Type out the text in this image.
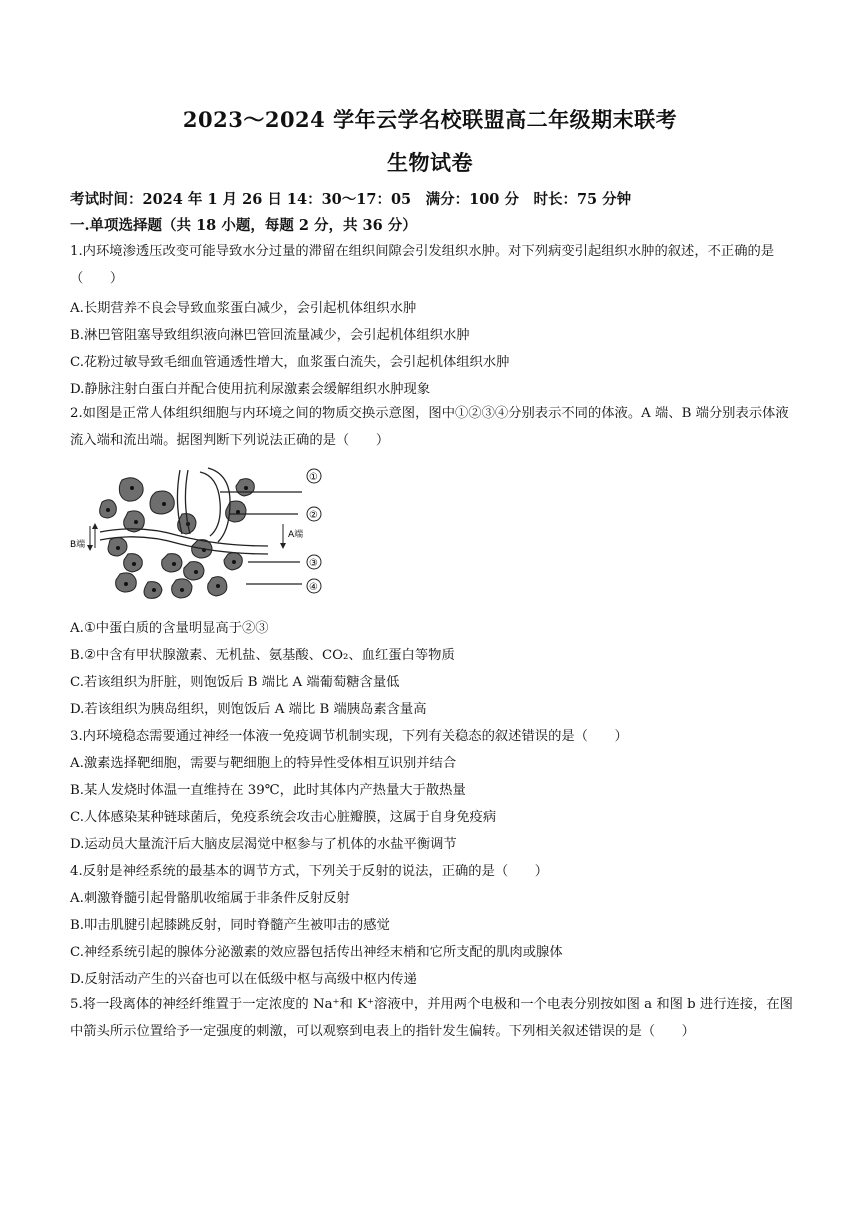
2023～2024 学年云学名校联盟高二年级期末联考
生物试卷
考试时间：2024 年 1 月 26 日 14：30～17：05　满分：100 分　时长：75 分钟
一.单项选择题（共 18 小题，每题 2 分，共 36 分）
1.内环境渗透压改变可能导致水分过量的滞留在组织间隙会引发组织水肿。对下列病变引起组织水肿的叙述，不正确的是（　　）
A.长期营养不良会导致血浆蛋白减少，会引起机体组织水肿
B.淋巴管阻塞导致组织液向淋巴管回流量减少，会引起机体组织水肿
C.花粉过敏导致毛细血管通透性增大，血浆蛋白流失，会引起机体组织水肿
D.静脉注射白蛋白并配合使用抗利尿激素会缓解组织水肿现象
2.如图是正常人体组织细胞与内环境之间的物质交换示意图，图中①②③④分别表示不同的体液。A 端、B 端分别表示体液流入端和流出端。据图判断下列说法正确的是（　　）
①
②
③
④
A端
B端
A.①中蛋白质的含量明显高于②③
B.②中含有甲状腺激素、无机盐、氨基酸、CO₂、血红蛋白等物质
C.若该组织为肝脏，则饱饭后 B 端比 A 端葡萄糖含量低
D.若该组织为胰岛组织，则饱饭后 A 端比 B 端胰岛素含量高
3.内环境稳态需要通过神经一体液一免疫调节机制实现，下列有关稳态的叙述错误的是（　　）
A.激素选择靶细胞，需要与靶细胞上的特异性受体相互识别并结合
B.某人发烧时体温一直维持在 39℃，此时其体内产热量大于散热量
C.人体感染某种链球菌后，免疫系统会攻击心脏瓣膜，这属于自身免疫病
D.运动员大量流汗后大脑皮层渴觉中枢参与了机体的水盐平衡调节
4.反射是神经系统的最基本的调节方式，下列关于反射的说法，正确的是（　　）
A.刺激脊髓引起骨骼肌收缩属于非条件反射反射
B.叩击肌腱引起膝跳反射，同时脊髓产生被叩击的感觉
C.神经系统引起的腺体分泌激素的效应器包括传出神经末梢和它所支配的肌肉或腺体
D.反射活动产生的兴奋也可以在低级中枢与高级中枢内传递
5.将一段离体的神经纤维置于一定浓度的 Na⁺和 K⁺溶液中，并用两个电极和一个电表分别按如图 a 和图 b 进行连接，在图中箭头所示位置给予一定强度的刺激，可以观察到电表上的指针发生偏转。下列相关叙述错误的是（　　）
